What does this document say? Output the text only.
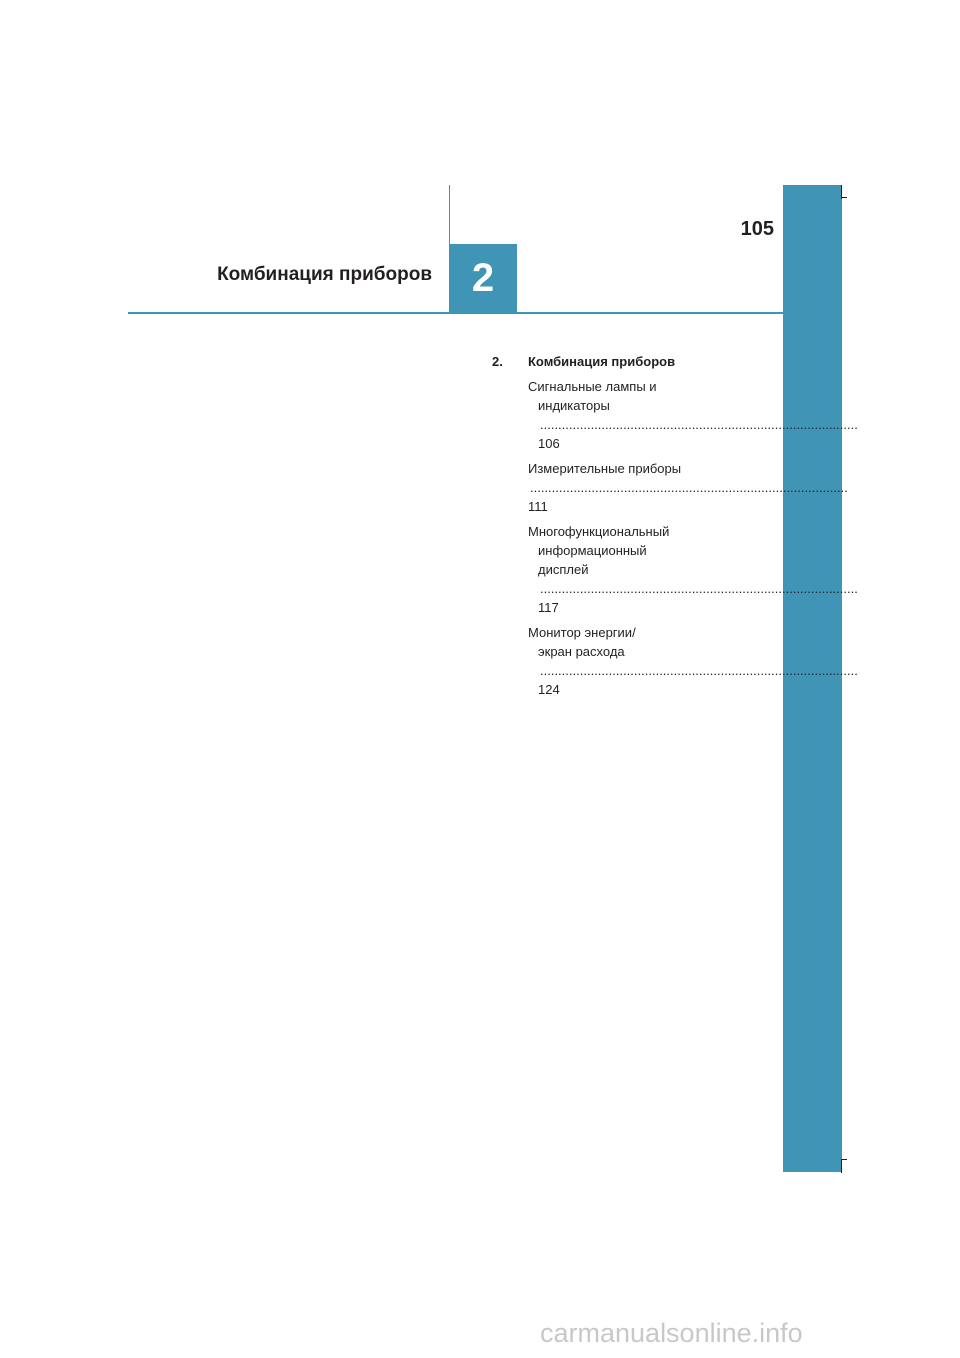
Комбинация приборов 2
105
2.	Комбинация приборов
Сигнальные лампы и
индикаторы ..... 106
Измерительные приборы ..... 111
Многофункциональный
информационный
дисплей ..... 117
Монитор энергии/
экран расхода ..... 124
carmanualsonline.info
